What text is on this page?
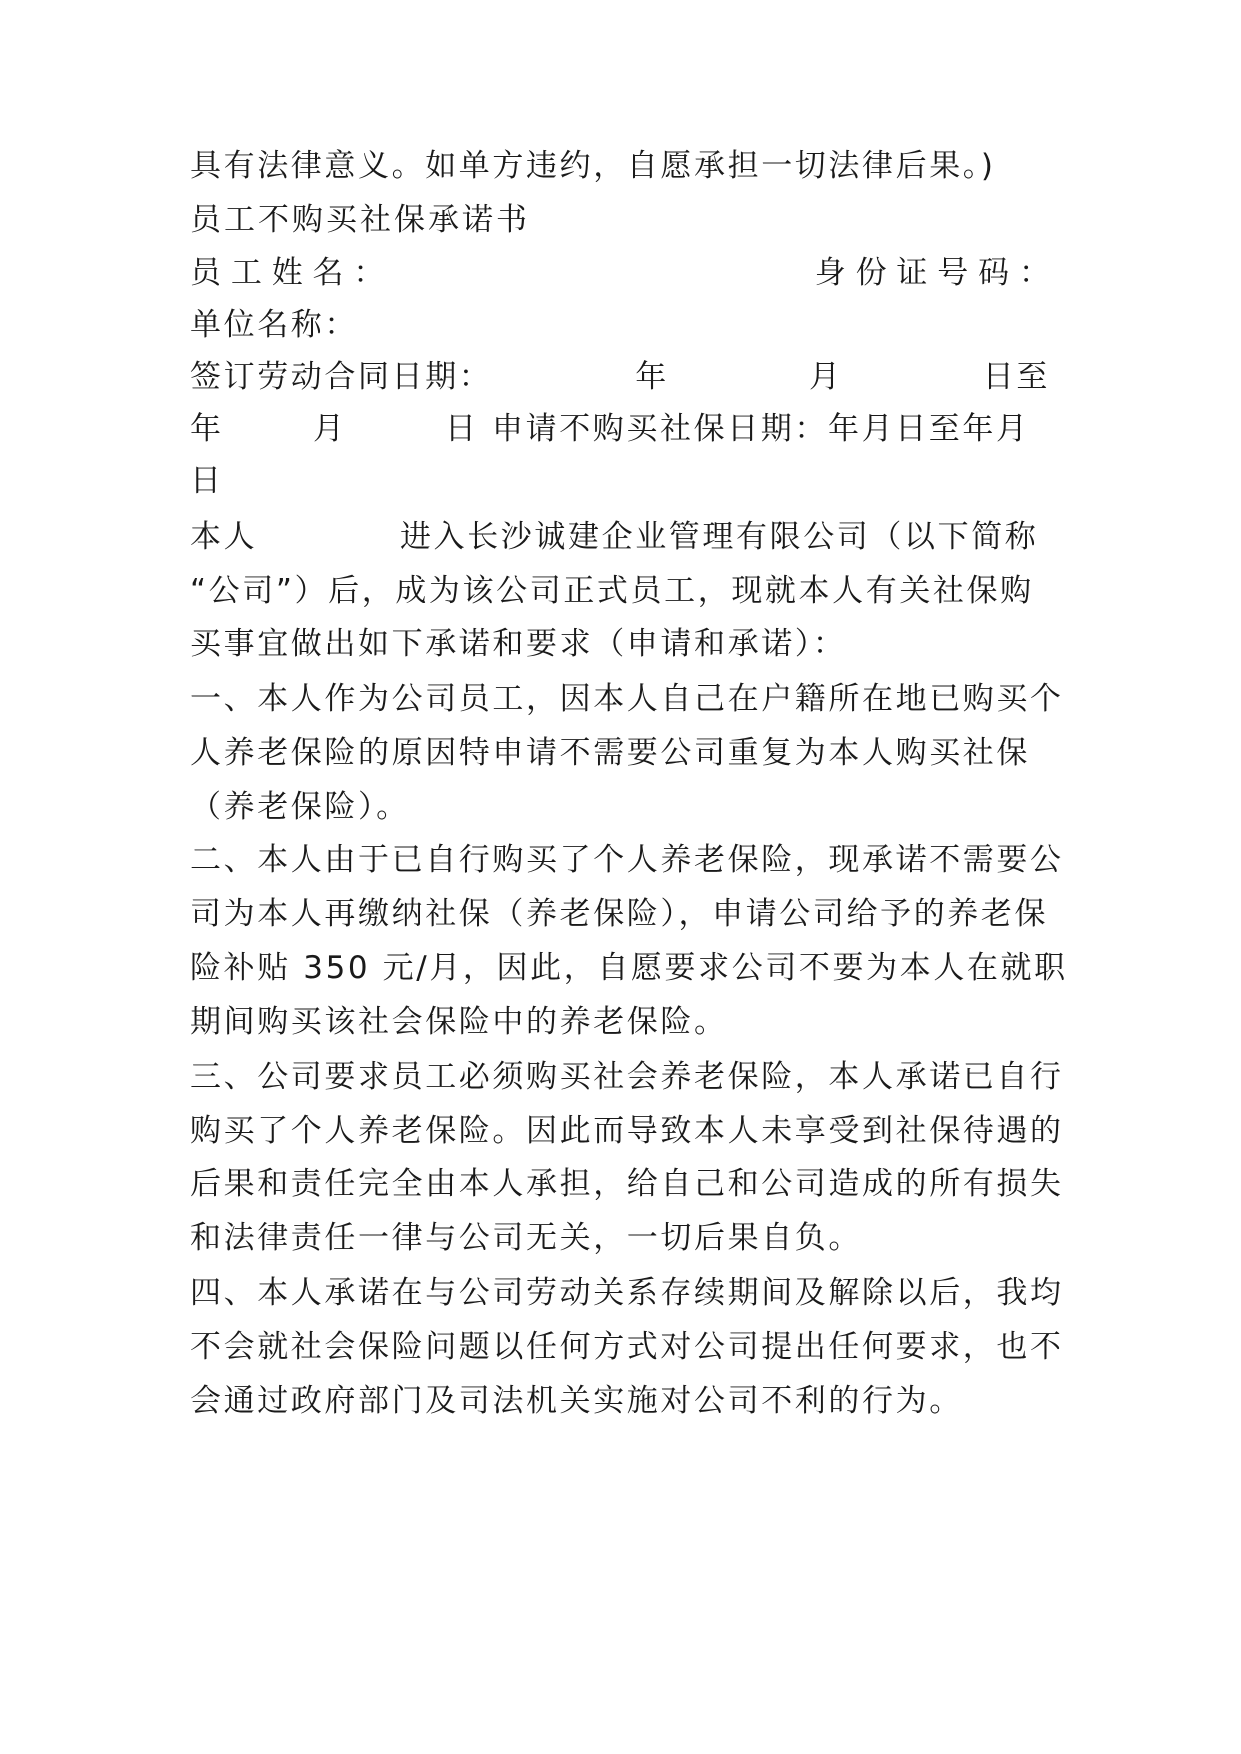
具有法律意义。如单方违约，自愿承担一切法律后果。)
员工不购买社保承诺书
员 工 姓 名 ：	身 份 证 号 码 ：
单位名称：
签订劳动合同日期：	年	月	日至
年	月	日 申请不购买社保日期：年月日至年月
日
本人	进入长沙诚建企业管理有限公司（以下简称
“公司”）后，成为该公司正式员工，现就本人有关社保购
买事宜做出如下承诺和要求（申请和承诺）：
一、本人作为公司员工，因本人自己在户籍所在地已购买个
人养老保险的原因特申请不需要公司重复为本人购买社保
（养老保险）。
二、本人由于已自行购买了个人养老保险，现承诺不需要公
司为本人再缴纳社保（养老保险），申请公司给予的养老保
险补贴 350 元/月，因此，自愿要求公司不要为本人在就职
期间购买该社会保险中的养老保险。
三、公司要求员工必须购买社会养老保险，本人承诺已自行
购买了个人养老保险。因此而导致本人未享受到社保待遇的
后果和责任完全由本人承担，给自己和公司造成的所有损失
和法律责任一律与公司无关，一切后果自负。
四、本人承诺在与公司劳动关系存续期间及解除以后，我均
不会就社会保险问题以任何方式对公司提出任何要求，也不
会通过政府部门及司法机关实施对公司不利的行为。
